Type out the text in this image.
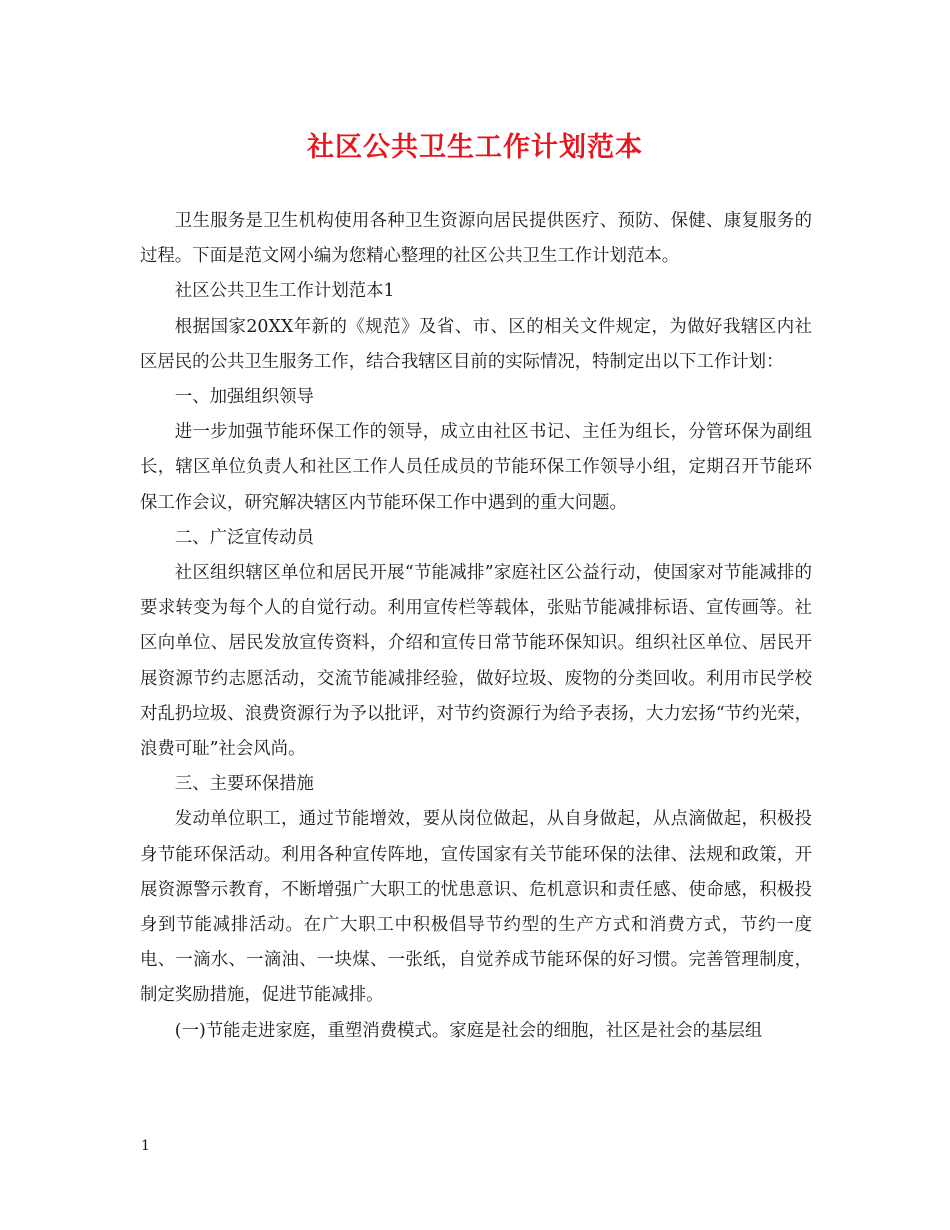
社区公共卫生工作计划范本

卫生服务是卫生机构使用各种卫生资源向居民提供医疗、预防、保健、康复服务的过程。下面是范文网小编为您精心整理的社区公共卫生工作计划范本。

社区公共卫生工作计划范本1

根据国家20XX年新的《规范》及省、市、区的相关文件规定，为做好我辖区内社区居民的公共卫生服务工作，结合我辖区目前的实际情况，特制定出以下工作计划：

一、加强组织领导

进一步加强节能环保工作的领导，成立由社区书记、主任为组长，分管环保为副组长，辖区单位负责人和社区工作人员任成员的节能环保工作领导小组，定期召开节能环保工作会议，研究解决辖区内节能环保工作中遇到的重大问题。

二、广泛宣传动员

社区组织辖区单位和居民开展“节能减排”家庭社区公益行动，使国家对节能减排的要求转变为每个人的自觉行动。利用宣传栏等载体，张贴节能减排标语、宣传画等。社区向单位、居民发放宣传资料，介绍和宣传日常节能环保知识。组织社区单位、居民开展资源节约志愿活动，交流节能减排经验，做好垃圾、废物的分类回收。利用市民学校对乱扔垃圾、浪费资源行为予以批评，对节约资源行为给予表扬，大力宏扬“节约光荣，浪费可耻”社会风尚。

三、主要环保措施

发动单位职工，通过节能增效，要从岗位做起，从自身做起，从点滴做起，积极投身节能环保活动。利用各种宣传阵地，宣传国家有关节能环保的法律、法规和政策，开展资源警示教育，不断增强广大职工的忧患意识、危机意识和责任感、使命感，积极投身到节能减排活动。在广大职工中积极倡导节约型的生产方式和消费方式，节约一度电、一滴水、一滴油、一块煤、一张纸，自觉养成节能环保的好习惯。完善管理制度，制定奖励措施，促进节能减排。

(一)节能走进家庭，重塑消费模式。家庭是社会的细胞，社区是社会的基层组

1
